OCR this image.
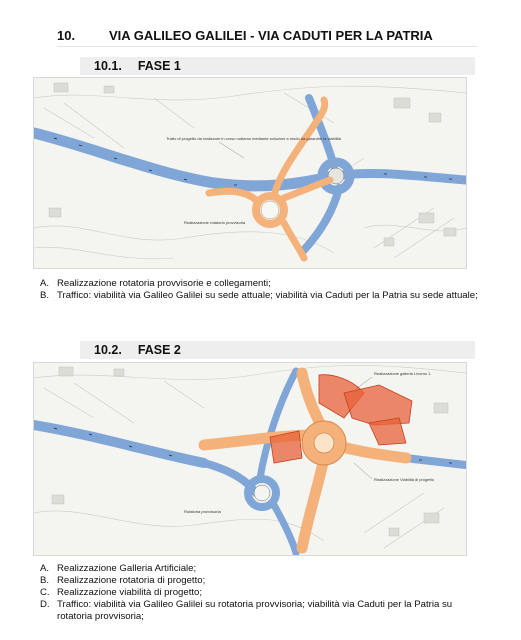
10.	VIA GALILEO GALILEI - VIA CADUTI PER LA PATRIA
10.1. FASE 1
Tratto di progetto da realizzare in corso nuttamo mediante soluzioni a modo da garantire la viabilità
Realizzazione rotatoria provvisoria
A. Realizzazione rotatoria provvisorie e collegamenti;
B. Traffico: viabilità via Galileo Galilei su sede attuale; viabilità via Caduti per la Patria su sede attuale;
10.2. FASE 2
Realizzazione galleria Livorno 1
Realizzazione Viabilità di progetto
Rotatoria provvisoria
A. Realizzazione Galleria Artificiale;
B. Realizzazione rotatoria di progetto;
C. Realizzazione viabilità di progetto;
D. Traffico: viabilità via Galileo Galilei su rotatoria provvisoria; viabilità via Caduti per la Patria su rotatoria provvisoria;
